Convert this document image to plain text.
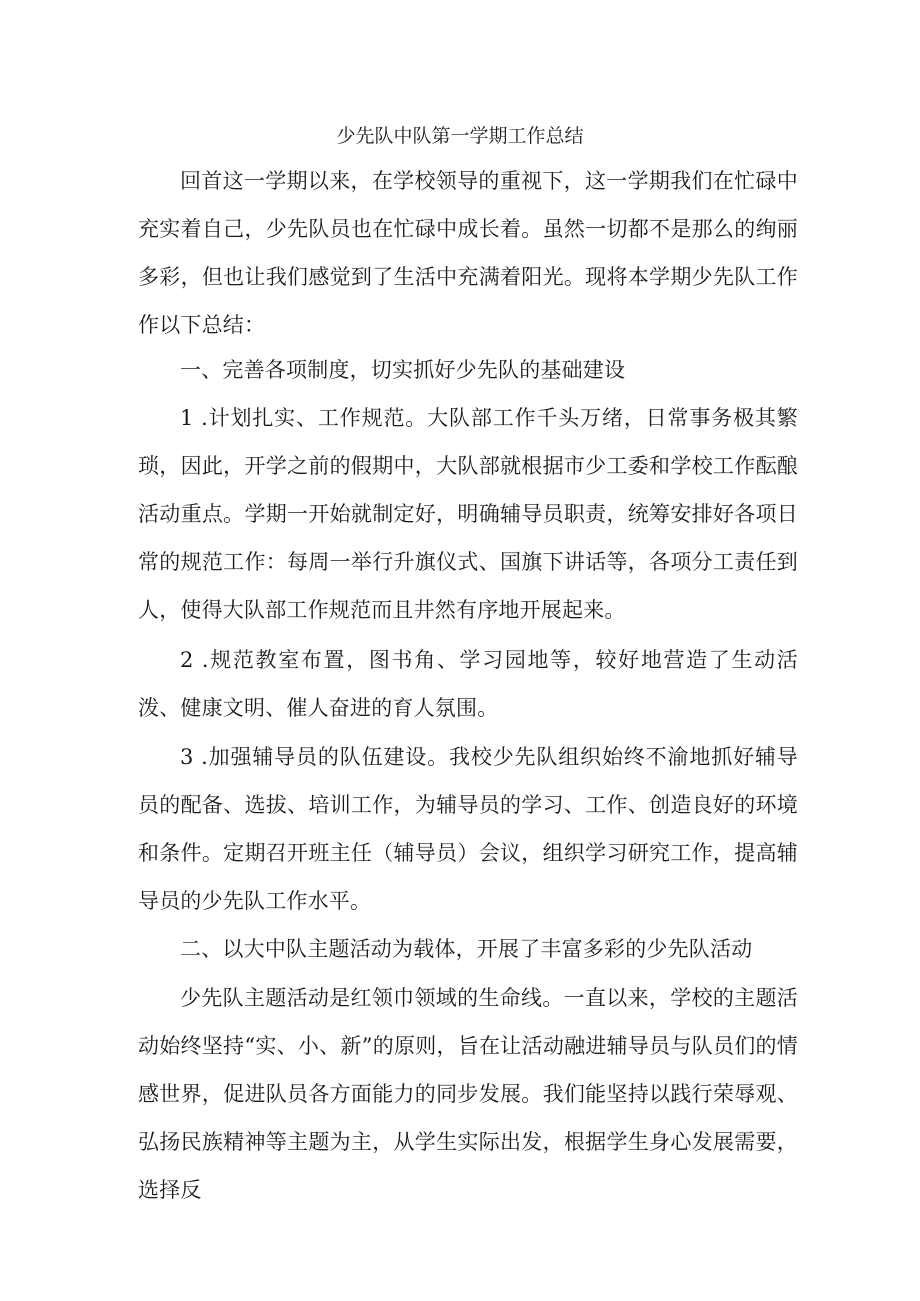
少先队中队第一学期工作总结

回首这一学期以来，在学校领导的重视下，这一学期我们在忙碌中充实着自己，少先队员也在忙碌中成长着。虽然一切都不是那么的绚丽多彩，但也让我们感觉到了生活中充满着阳光。现将本学期少先队工作作以下总结：

一、完善各项制度，切实抓好少先队的基础建设

1 .计划扎实、工作规范。大队部工作千头万绪，日常事务极其繁琐，因此，开学之前的假期中，大队部就根据市少工委和学校工作酝酿活动重点。学期一开始就制定好，明确辅导员职责，统筹安排好各项日常的规范工作：每周一举行升旗仪式、国旗下讲话等，各项分工责任到人，使得大队部工作规范而且井然有序地开展起来。

2 .规范教室布置，图书角、学习园地等，较好地营造了生动活泼、健康文明、催人奋进的育人氛围。

3 .加强辅导员的队伍建设。我校少先队组织始终不渝地抓好辅导员的配备、选拔、培训工作，为辅导员的学习、工作、创造良好的环境和条件。定期召开班主任（辅导员）会议，组织学习研究工作，提高辅导员的少先队工作水平。

二、以大中队主题活动为载体，开展了丰富多彩的少先队活动

少先队主题活动是红领巾领域的生命线。一直以来，学校的主题活动始终坚持“实、小、新”的原则，旨在让活动融进辅导员与队员们的情感世界，促进队员各方面能力的同步发展。我们能坚持以践行荣辱观、弘扬民族精神等主题为主，从学生实际出发，根据学生身心发展需要，选择反
